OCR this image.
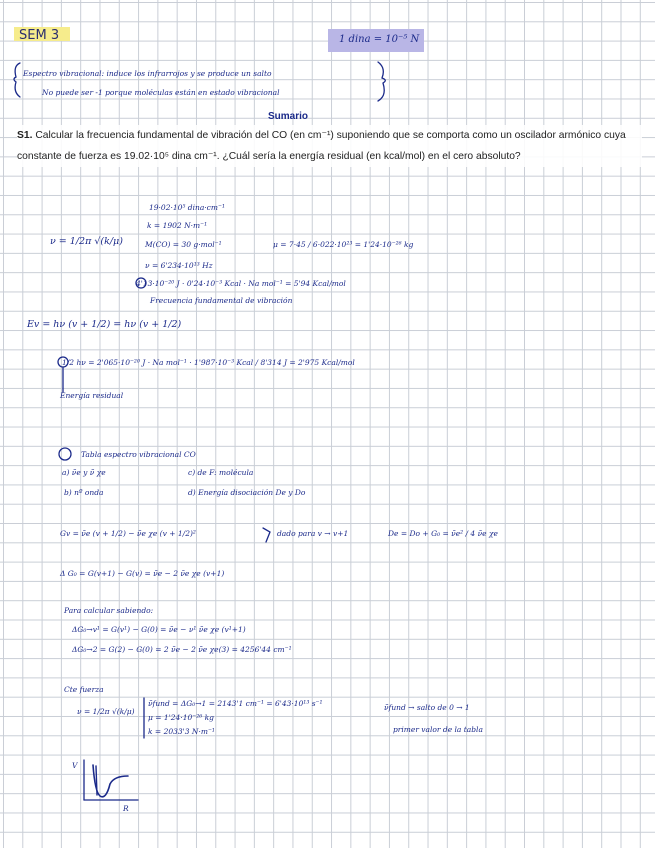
SEM 3	1 dina = 10⁻⁵ N
Espectro vibracional: induce los infrarrojos y se produce un salto
No puede ser -1 porque moléculas están en estado vibracional
Sumario
S1. Calcular la frecuencia fundamental de vibración del CO (en cm⁻¹) suponiendo que se comporta como un oscilador armónico cuya constante de fuerza es 19.02·10⁵ dina cm⁻¹. ¿Cuál sería la energía residual (en kcal/mol) en el cero absoluto?
19·02·10⁵ dina·cm⁻¹
k = 1902 N·m⁻¹
ν = 1/2π √(k/μ)	M(CO) = 30 g·mol⁻¹	μ = 7·45 / 6·022·10²³ = 1'24·10⁻²⁶ kg
ν = 6'234·10¹³ Hz
4'13·10⁻²⁰ J · 0'24·10⁻³ Kcal · Na mol⁻¹ = 5'94 Kcal/mol
Frecuencia fundamental de vibración
Ev = hν (v + 1/2) = hν (v + 1/2)
1/2 hν = 2'065·10⁻²⁰ J · Na mol⁻¹ · 1'987·10⁻³ Kcal / 8'314 J = 2'975 Kcal/mol
Energía residual
Tabla espectro vibracional CO
a) ν̃e y ν̃ χe
b) nº onda
c) de F: molécula
d) Energía disociación De y Do
Gv = ν̃e (v + 1/2) − ν̃e χe (v + 1/2)²	dado para v → v+1	De = Do + G₀ = ν̃e² / 4 ν̃e χe
Δ G₀ = G(v+1) − G(v) = ν̃e − 2 ν̃e χe (v+1)
Para calcular sabiendo:
ΔG₀→v¹ = G(v¹) − G(0) = ν̃e − ν¹ ν̃e χe (v¹+1)
ΔG₀→2 = G(2) − G(0) = 2 ν̃e − 2 ν̃e χe(3) = 4256'44 cm⁻¹
Cte fuerza
ν = 1/2π √(k/μ)
ν̃fund = ΔG₀→1 = 2143'1 cm⁻¹ = 6'43·10¹³ s⁻¹
μ = 1'24·10⁻²⁶ kg
k = 2033'3 N·m⁻¹
ν̃fund → salto de 0 → 1
primer valor de la tabla
V
R
